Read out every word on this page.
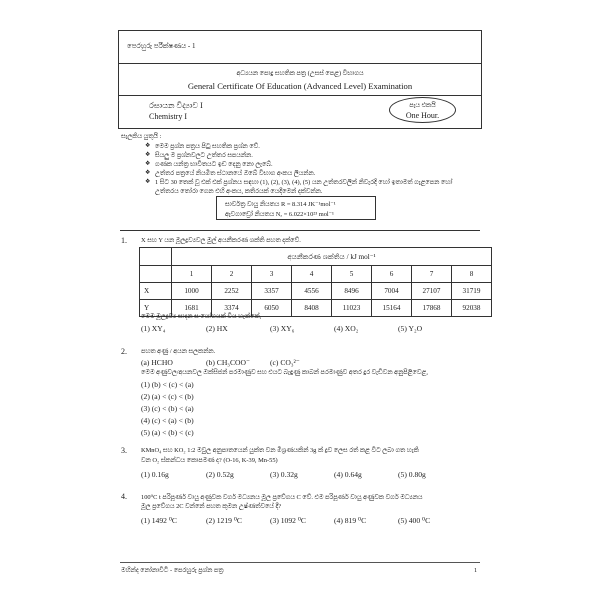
පෙරහුරු පරීක්ෂණය - 1
අධ්‍යයන පොදු සහතික පත්‍ර (උසස් පෙළ) විභාගය
General Certificate Of Education (Advanced Level) Examination
රසායන විද්‍යාව I
Chemistry I
පැය එකයි
One Hour.
සැලකිය යුතුයි :
❖ මෙම ප්‍රශ්න පත්‍රය පිටු සහතික ප්‍රශ්න වේ.
❖ සියලු ම ප්‍රශ්නවලට උත්තර සපයන්න.
❖ ගණක යන්ත්‍ර භාවිතයට ඉඩ දෙනු නො ලැබේ.
❖ උත්තර පත්‍රයේ නියමිත ස්ථානයේ ඔබේ විභාග අංකය ලියන්න.
❖ 1 සිට 30 තෙක් වූ එක් එක් ප්‍රශ්නය සඳහා (1), (2), (3), (4), (5) යන උත්තරවලින් නිවැරදි හෝ ඉතාමත් ගැළපෙන හෝ
උත්තරය තෝරා ගෙන එහි අංකය, කතිරයක් යෙදීමෙන් දක්වන්න.
සාර්වත්‍ර වායු නියතය R = 8.314 JK⁻¹mol⁻¹
ඇවගාඩ්‍රෝ නියතය Nₐ = 6.022×10²³ mol⁻¹
1. X සහ Y යන මූලද්‍රව්‍යවල මුල් අයනීකරණ ශක්ති පහත දක්වේ.
	අයනීකරණ ශක්තිය / kJ mol⁻¹							
	1	2	3	4	5	6	7	8
X	1000	2252	3357	4556	8496	7004	27107	31719
Y	1681	3374	6050	8408	11023	15164	17868	92038
මෙම මූලද්‍රව්‍ය සාදන සංයෝගයක් විය හැක්කේ,
(1) XY₄	(2) HX	(3) XY₆	(4) XO₂	(5) Y₂O
2. පහත අණු / අයන සලකන්න.
(a) HCHO	(b) CH₃COO⁻	(c) CO₃²⁻
මෙම අණුවල/අයනවල ඔක්සිජන් පරමාණුව සහ එයට බැඳුණු කාබන් පරමාණුව අතර දුර වැඩිවන අනුපිළිවෙළ,
(1) (b) < (c) < (a)
(2) (a) < (c) < (b)
(3) (c) < (b) < (a)
(4) (c) < (a) < (b)
(5) (a) < (b) < (c)
3. KMnO₄ සහ KO₂ 1:2 මවුල අනුපාතයෙන් යුක්ත වන මිශ්‍රණයකින් 3g ක් ද්‍රව ලෙස රත් කළ විට ලබා ගත හැකි
වන O₂ ස්කන්ධය කොපමණ ද? (O-16, K-39, Mn-55)
(1) 0.16g	(2) 0.52g	(3) 0.32g	(4) 0.64g	(5) 0.80g
4. 100⁰C t පරිපූර්ණ වායු අණුවක වර්ග මධ්‍යනය මූල ප්‍රවේගය C වේ. එම පරිපූර්ණ වායු අණුවක වර්ග මධ්‍යනය
මූල ප්‍රවේගය 2C වන්නේ පහත කුමන උෂ්ණත්වයේ දී?
(1) 1492 ⁰C	(2) 1219 ⁰C	(3) 1092 ⁰C	(4) 819 ⁰C	(5) 400 ⁰C
මහින්ද නෝනාවිටි - පෙරහුරු ප්‍රශ්න පත්‍ර	1
